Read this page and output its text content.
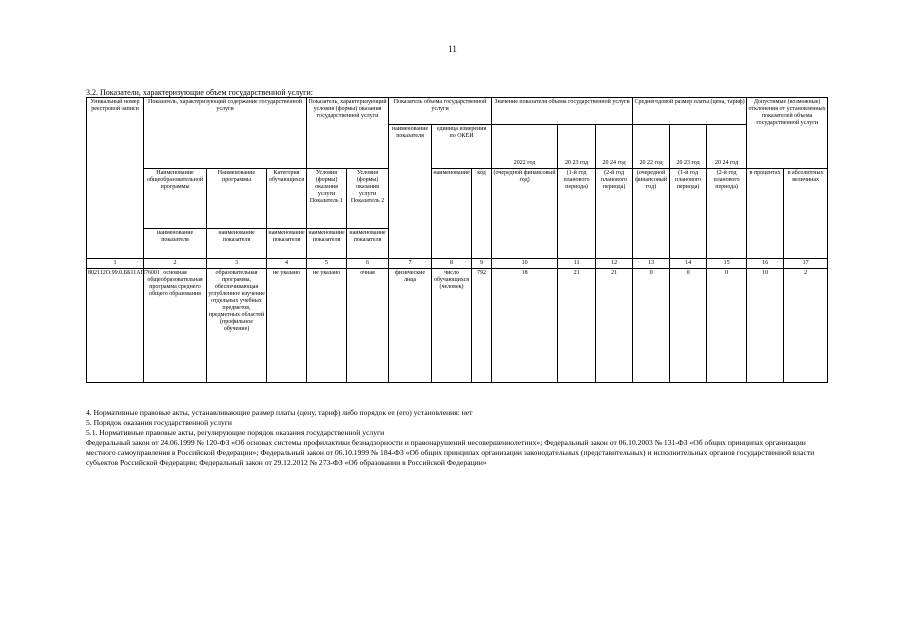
11
3.2. Показатели, характеризующие объем государственной услуги:
Уникальный номер реестровой записи	Показатель, характеризующий содержание государственной услуги			Показатель, характеризующий условия (формы) оказания государственной услуги		Показатель объема государственной услуги			Значение показателя объема государственной услуги			Среднегодовой размер платы (цена, тариф)			Допустимые (возможные) отклонения от установленных показателей объема государственной услуги	
						наименование показателя	единица измерения по ОКЕИ		2022 год	20 23 год	20 24 год	20 22 год	20 23 год	20 24 год		
	Наименование общеобразовательной программы	Наименование программы	Категория обучающихся	Условия (формы) оказания услуги Показатель 1	Условия (формы) оказания услуги Показатель 2		наименование	код	(очередной финансовый год)	(1-й год планового периода)	(2-й год планового периода)	(очередной финансовый год)	(1-й год планового периода)	(2-й год планового периода)	в процентах	в абсолютных величинах
	наименование показателя	наименование показателя	наименование показателя	наименование показателя	наименование показателя											
1	2	3	4	5	6	7	8	9	10	11	12	13	14	15	16	17
802112O.99.0.ББ11АП76001	основная общеобразовательная программа среднего общего образования	образовательная программа, обеспечивающая углубленное изучение отдельных учебных предметов, предметных областей (профильное обучение)	не указано	не указано	очная	физические лица	число обучающихся (человек)	792	18	21	21	0	0	0	10	2

4. Нормативные правовые акты, устанавливающие размер платы (цену, тариф) либо порядок ее (его) установления: нет

5. Порядок оказания государственной услуги

5.1. Нормативные правовые акты, регулирующие порядок оказания государственной услуги

Федеральный закон от 24.06.1999 № 120-ФЗ «Об основах системы профилактики безнадзорности и правонарушений несовершеннолетних»; Федеральный закон от 06.10.2003 № 131-ФЗ «Об общих принципах организации местного самоуправления в Российской Федерации»; Федеральный закон от 06.10.1999 № 184-ФЗ «Об общих принципах организации законодательных (представительных) и исполнительных органов государственной власти субъектов Российской Федерации; Федеральный закон от 29.12.2012 № 273-ФЗ «Об образовании в Российской Федерации»
